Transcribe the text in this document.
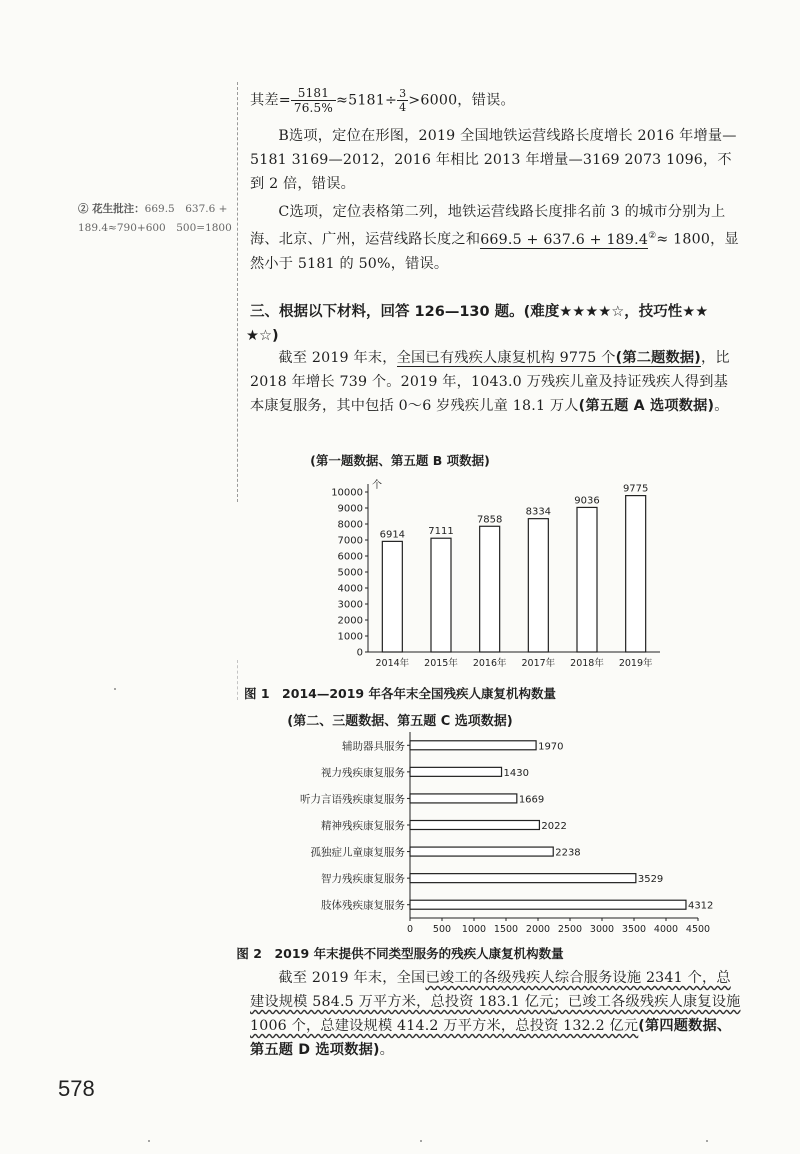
其差= $\frac{5181}{76.5\%} \approx 5181\div \frac{3}{4} >6000$，错误。
B选项，定位在形图，2019 全国地铁运营线路长度增长 2016 年增量—5181 3169—2012，2016 年相比 2013 年增量—3169 2073 1096，不到 2 倍，错误。
② 花生批注：669.5　637.6 + 189.4≈790+600　500=1800
C选项，定位表格第二列，地铁运营线路长度排名前 3 的城市分别为上海、北京、广州，运营线路长度之和669.5 + 637.6 + 189.4②≈ 1800，显然小于 5181 的 50%，错误。
三、根据以下材料，回答 126—130 题。(难度★★★★☆，技巧性★★
★☆)
截至 2019 年末，全国已有残疾人康复机构 9775 个(第二题数据)，比 2018 年增长 739 个。2019 年，1043.0 万残疾儿童及持证残疾人得到基本康复服务，其中包括 0～6 岁残疾儿童 18.1 万人(第五题 A 选项数据)。
(第一题数据、第五题 B 项数据)
个
0
1000
2000
3000
4000
5000
6000
7000
8000
9000
10000
6914
2014年
7111
2015年
7858
2016年
8334
2017年
9036
2018年
9775
2019年
图 1　2014—2019 年各年末全国残疾人康复机构数量
(第二、三题数据、第五题 C 选项数据)
0 500 1000 1500 2000 2500 3000 3500 4000 4500
1970
辅助器具服务
1430
视力残疾康复服务
1669
听力言语残疾康复服务
2022
精神残疾康复服务
2238
孤独症儿童康复服务
3529
智力残疾康复服务
4312
肢体残疾康复服务
图 2　2019 年末提供不同类型服务的残疾人康复机构数量
截至 2019 年末，全国已竣工的各级残疾人综合服务设施 2341 个，总建设规模 584.5 万平方米，总投资 183.1 亿元；已竣工各级残疾人康复设施 1006 个，总建设规模 414.2 万平方米，总投资 132.2 亿元(第四题数据、第五题 D 选项数据)。
578
